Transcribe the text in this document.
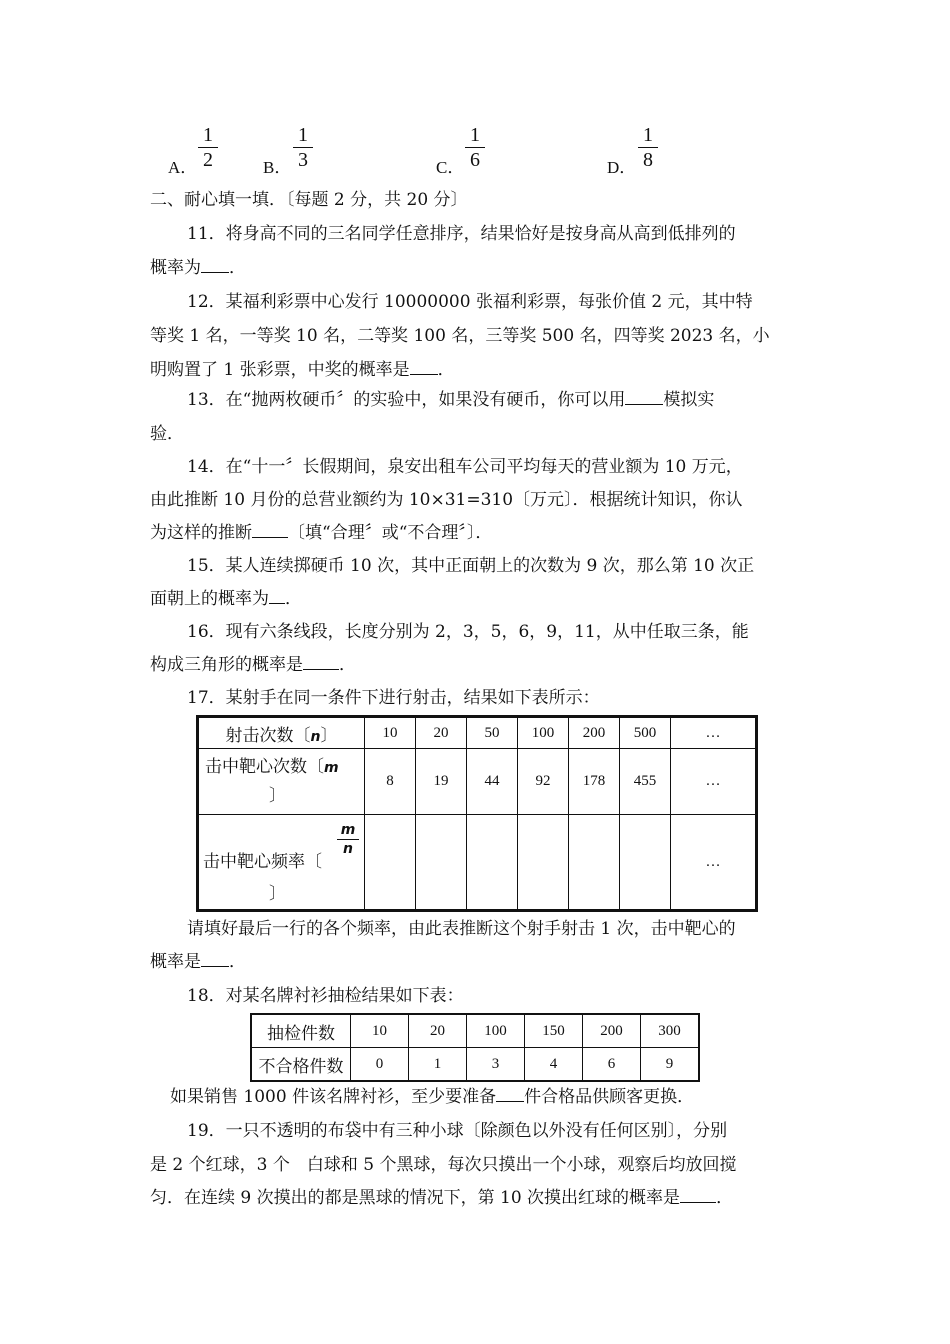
A．
1
2	B．
1
3	C．
1
6	D．
1
8
二、耐心填一填．〔每题 2 分，共 20 分〕
11．将身高不同的三名同学任意排序，结果恰好是按身高从高到低排列的
概率为 ．
12．某福利彩票中心发行 10000000 张福利彩票，每张价值 2 元，其中特
等奖 1 名，一等奖 10 名，二等奖 100 名，三等奖 500 名，四等奖 2023 名，小
明购置了 1 张彩票，中奖的概率是 ．
13．在“抛两枚硬币〞的实验中，如果没有硬币，你可以用 模拟实
验．
14．在“十一〞长假期间，泉安出租车公司平均每天的营业额为 10 万元，
由此推断 10 月份的总营业额约为 10×31=310〔万元〕．根据统计知识，你认
为这样的推断 〔填“合理〞或“不合理〞〕．
15．某人连续掷硬币 10 次，其中正面朝上的次数为 9 次，那么第 10 次正
面朝上的概率为 ．
16．现有六条线段，长度分别为 2，3，5，6，9，11，从中任取三条，能
构成三角形的概率是 ．
17．某射手在同一条件下进行射击，结果如下表所示：
射击次数〔n〕	10	20	50	100	200	500	…
击中靶心次数〔m
〕	8	19	44	92	178	455	…

m
n
击中靶心频率〔
〕							…
请填好最后一行的各个频率，由此表推断这个射手射击 1 次，击中靶心的
概率是 ．
18．对某名牌衬衫抽检结果如下表：
抽检件数	10	20	100	150	200	300
不合格件数	0	1	3	4	6	9
如果销售 1000 件该名牌衬衫，至少要准备 件合格品供顾客更换．
19．一只不透明的布袋中有三种小球〔除颜色以外没有任何区别〕，分别
是 2 个红球，3 个　白球和 5 个黑球，每次只摸出一个小球，观察后均放回搅
匀．在连续 9 次摸出的都是黑球的情况下，第 10 次摸出红球的概率是 ．
